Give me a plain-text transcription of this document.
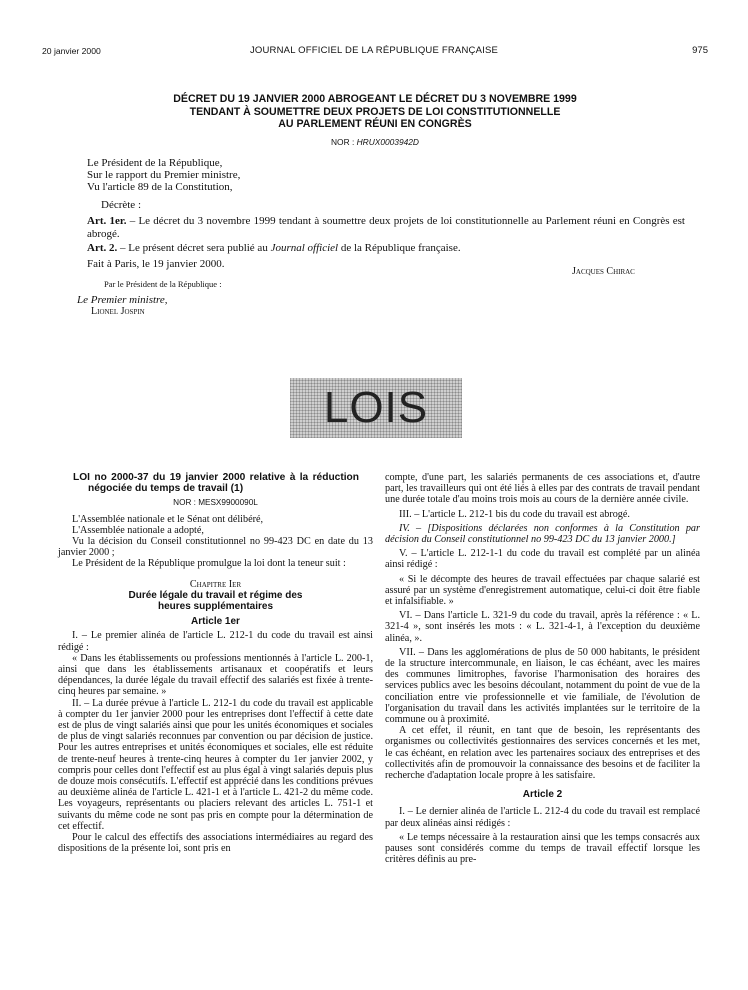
20 janvier 2000	JOURNAL OFFICIEL DE LA RÉPUBLIQUE FRANÇAISE	975
DÉCRET DU 19 JANVIER 2000 ABROGEANT LE DÉCRET DU 3 NOVEMBRE 1999
TENDANT À SOUMETTRE DEUX PROJETS DE LOI CONSTITUTIONNELLE
AU PARLEMENT RÉUNI EN CONGRÈS
NOR : HRUX0003942D

Le Président de la République,

Sur le rapport du Premier ministre,

Vu l'article 89 de la Constitution,

Décrète :

Art. 1er. – Le décret du 3 novembre 1999 tendant à soumettre deux projets de loi constitutionnelle au Parlement réuni en Congrès est abrogé.

Art. 2. – Le présent décret sera publié au Journal officiel de la République française.

Fait à Paris, le 19 janvier 2000.

Jacques Chirac

Par le Président de la République :

Le Premier ministre,

Lionel Jospin

LOIS

LOI no 2000-37 du 19 janvier 2000 relative à la réduction négociée du temps de travail (1)

NOR : MESX9900090L

L'Assemblée nationale et le Sénat ont délibéré,

L'Assemblée nationale a adopté,

Vu la décision du Conseil constitutionnel no 99-423 DC en date du 13 janvier 2000 ;

Le Président de la République promulgue la loi dont la teneur suit :

Chapitre Ier

Durée légale du travail et régime des heures supplémentaires

Article 1er

I. – Le premier alinéa de l'article L. 212-1 du code du travail est ainsi rédigé :

« Dans les établissements ou professions mentionnés à l'article L. 200-1, ainsi que dans les établissements artisanaux et coopératifs et leurs dépendances, la durée légale du travail effectif des salariés est fixée à trente-cinq heures par semaine. »

II. – La durée prévue à l'article L. 212-1 du code du travail est applicable à compter du 1er janvier 2000 pour les entreprises dont l'effectif à cette date est de plus de vingt salariés ainsi que pour les unités économiques et sociales de plus de vingt salariés reconnues par convention ou par décision de justice. Pour les autres entreprises et unités économiques et sociales, elle est réduite de trente-neuf heures à trente-cinq heures à compter du 1er janvier 2002, y compris pour celles dont l'effectif est au plus égal à vingt salariés depuis plus de douze mois consécutifs. L'effectif est apprécié dans les conditions prévues au deuxième alinéa de l'article L. 421-1 et à l'article L. 421-2 du même code. Les voyageurs, représentants ou placiers relevant des articles L. 751-1 et suivants du même code ne sont pas pris en compte pour la détermination de cet effectif.

Pour le calcul des effectifs des associations intermédiaires au regard des dispositions de la présente loi, sont pris en

compte, d'une part, les salariés permanents de ces associations et, d'autre part, les travailleurs qui ont été liés à elles par des contrats de travail pendant une durée totale d'au moins trois mois au cours de la dernière année civile.

III. – L'article L. 212-1 bis du code du travail est abrogé.

IV. – [Dispositions déclarées non conformes à la Constitution par décision du Conseil constitutionnel no 99-423 DC du 13 janvier 2000.]

V. – L'article L. 212-1-1 du code du travail est complété par un alinéa ainsi rédigé :

« Si le décompte des heures de travail effectuées par chaque salarié est assuré par un système d'enregistrement automatique, celui-ci doit être fiable et infalsifiable. »

VI. – Dans l'article L. 321-9 du code du travail, après la référence : « L. 321-4 », sont insérés les mots : « L. 321-4-1, à l'exception du deuxième alinéa, ».

VII. – Dans les agglomérations de plus de 50 000 habitants, le président de la structure intercommunale, en liaison, le cas échéant, avec les maires des communes limitrophes, favorise l'harmonisation des horaires des services publics avec les besoins découlant, notamment du point de vue de la conciliation entre vie professionnelle et vie familiale, de l'évolution de l'organisation du travail dans les activités implantées sur le territoire de la commune ou à proximité.

A cet effet, il réunit, en tant que de besoin, les représentants des organismes ou collectivités gestionnaires des services concernés et les met, le cas échéant, en relation avec les partenaires sociaux des entreprises et des collectivités afin de promouvoir la connaissance des besoins et de faciliter la recherche d'adaptation locale propre à les satisfaire.

Article 2

I. – Le dernier alinéa de l'article L. 212-4 du code du travail est remplacé par deux alinéas ainsi rédigés :

« Le temps nécessaire à la restauration ainsi que les temps consacrés aux pauses sont considérés comme du temps de travail effectif lorsque les critères définis au pre-
